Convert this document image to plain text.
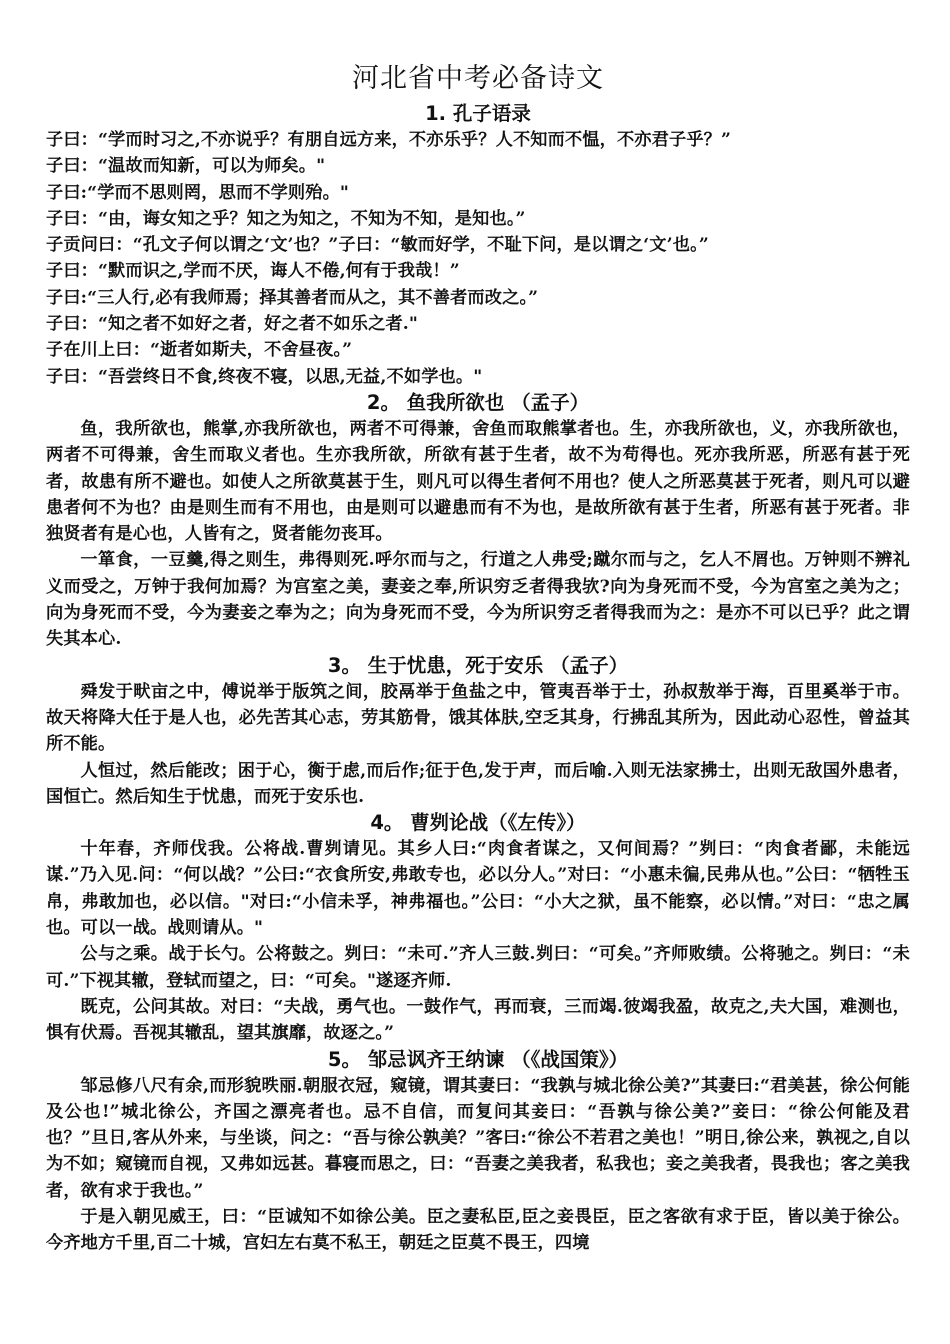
河北省中考必备诗文
1. 孔子语录
子曰：“学而时习之,不亦说乎？有朋自远方来，不亦乐乎？人不知而不愠，不亦君子乎？”
子曰：“温故而知新，可以为师矣。"
子曰:“学而不思则罔，思而不学则殆。"
子曰：“由，诲女知之乎？知之为知之，不知为不知，是知也。”

子贡问曰：“孔文子何以谓之‘文’也？”子曰：“敏而好学，不耻下问，是以谓之‘文’也。”

子曰：“默而识之,学而不厌，诲人不倦,何有于我哉！”
子曰:“三人行,必有我师焉；择其善者而从之，其不善者而改之。”
子曰：“知之者不如好之者，好之者不如乐之者."
子在川上曰：“逝者如斯夫，不舍昼夜。”
子曰：“吾尝终日不食,终夜不寝，以思,无益,不如学也。"
2。 鱼我所欲也 （孟子）

鱼，我所欲也，熊掌,亦我所欲也，两者不可得兼，舍鱼而取熊掌者也。生，亦我所欲也，义，亦我所欲也，两者不可得兼，舍生而取义者也。生亦我所欲，所欲有甚于生者，故不为苟得也。死亦我所恶，所恶有甚于死者，故患有所不避也。如使人之所欲莫甚于生，则凡可以得生者何不用也？使人之所恶莫甚于死者，则凡可以避患者何不为也？由是则生而有不用也，由是则可以避患而有不为也，是故所欲有甚于生者，所恶有甚于死者。非独贤者有是心也，人皆有之，贤者能勿丧耳。

一箪食，一豆羹,得之则生，弗得则死.呼尔而与之，行道之人弗受;蹴尔而与之，乞人不屑也。万钟则不辨礼义而受之，万钟于我何加焉？为宫室之美，妻妾之奉,所识穷乏者得我欤?向为身死而不受，今为宫室之美为之；向为身死而不受，今为妻妾之奉为之；向为身死而不受，今为所识穷乏者得我而为之：是亦不可以已乎？此之谓失其本心.

3。 生于忧患，死于安乐 （孟子）

舜发于畎亩之中，傅说举于版筑之间，胶鬲举于鱼盐之中，管夷吾举于士，孙叔敖举于海，百里奚举于市。故天将降大任于是人也，必先苦其心志，劳其筋骨，饿其体肤,空乏其身，行拂乱其所为，因此动心忍性，曾益其所不能。

人恒过，然后能改；困于心，衡于虑,而后作;征于色,发于声，而后喻.入则无法家拂士，出则无敌国外患者，国恒亡。然后知生于忧患，而死于安乐也.

4。 曹刿论战（《左传》）

十年春，齐师伐我。公将战.曹刿请见。其乡人曰:“肉食者谋之，又何间焉？”刿曰：“肉食者鄙，未能远谋.”乃入见.问：“何以战？”公曰:“衣食所安,弗敢专也，必以分人。”对曰：“小惠未徧,民弗从也。”公曰：“牺牲玉帛，弗敢加也，必以信。"对曰:“小信未孚，神弗福也。”公曰：“小大之狱，虽不能察，必以情。”对曰：“忠之属也。可以一战。战则请从。"

公与之乘。战于长勺。公将鼓之。刿曰：“未可.”齐人三鼓.刿曰：“可矣。”齐师败绩。公将驰之。刿曰：“未可.”下视其辙，登轼而望之，曰：“可矣。"遂逐齐师.

既克，公问其故。对曰：“夫战，勇气也。一鼓作气，再而衰，三而竭.彼竭我盈，故克之,夫大国，难测也，惧有伏焉。吾视其辙乱，望其旗靡，故逐之。”

5。 邹忌讽齐王纳谏 （《战国策》）

邹忌修八尺有余,而形貌昳丽.朝服衣冠，窥镜，谓其妻曰：“我孰与城北徐公美?”其妻曰:“君美甚，徐公何能及公也!”城北徐公，齐国之漂亮者也。忌不自信，而复问其妾曰：“吾孰与徐公美?”妾曰：“徐公何能及君也？”旦日,客从外来，与坐谈，问之：“吾与徐公孰美？”客曰:“徐公不若君之美也！”明日,徐公来，孰视之,自以为不如；窥镜而自视，又弗如远甚。暮寝而思之，曰：“吾妻之美我者，私我也；妾之美我者，畏我也；客之美我者，欲有求于我也。”

于是入朝见威王，曰：“臣诚知不如徐公美。臣之妻私臣,臣之妾畏臣，臣之客欲有求于臣，皆以美于徐公。今齐地方千里,百二十城，宫妇左右莫不私王，朝廷之臣莫不畏王，四境
